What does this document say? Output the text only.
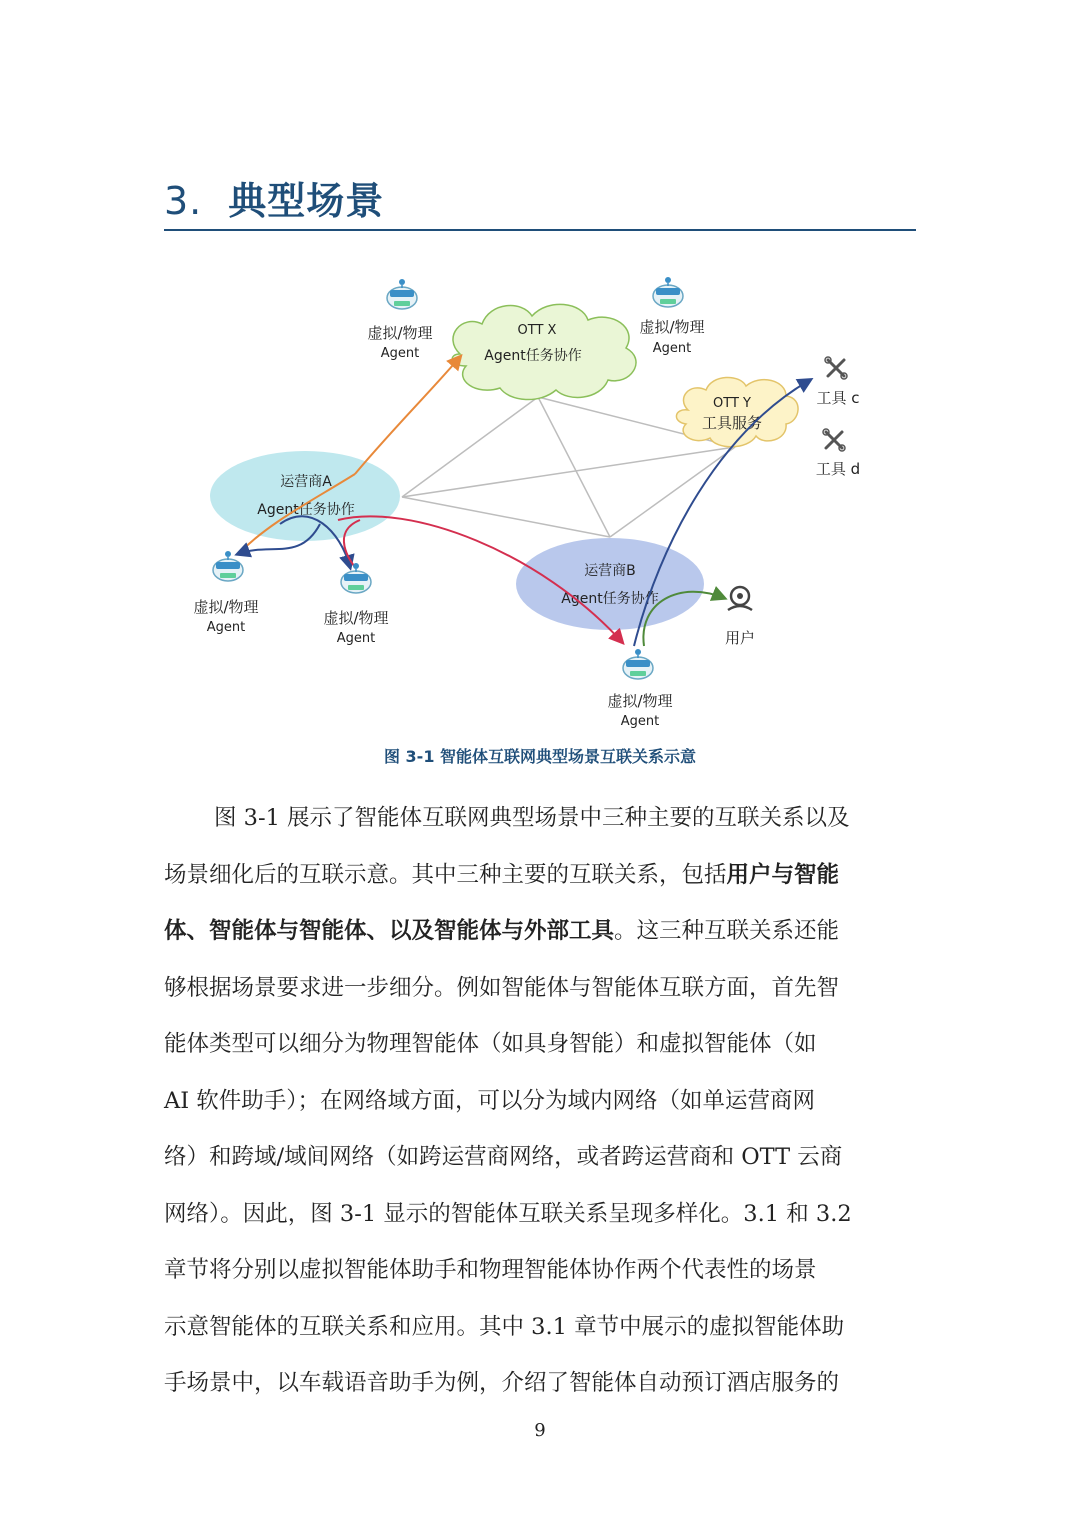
3. 典型场景
OTT X
Agent任务协作
OTT Y
工具服务
运营商A
Agent任务协作
运营商B
Agent任务协作
虚拟/物理
Agent
虚拟/物理
Agent
虚拟/物理
Agent
虚拟/物理
Agent
虚拟/物理
Agent
工具 c
工具 d
用户
图 3-1 智能体互联网典型场景互联关系示意
图 3-1 展示了智能体互联网典型场景中三种主要的互联关系以及
场景细化后的互联示意。其中三种主要的互联关系，包括用户与智能
体、智能体与智能体、以及智能体与外部工具。这三种互联关系还能
够根据场景要求进一步细分。例如智能体与智能体互联方面，首先智
能体类型可以细分为物理智能体（如具身智能）和虚拟智能体（如
AI 软件助手）；在网络域方面，可以分为域内网络（如单运营商网
络）和跨域/域间网络（如跨运营商网络，或者跨运营商和 OTT 云商
网络）。因此，图 3-1 显示的智能体互联关系呈现多样化。3.1 和 3.2
章节将分别以虚拟智能体助手和物理智能体协作两个代表性的场景
示意智能体的互联关系和应用。其中 3.1 章节中展示的虚拟智能体助
手场景中，以车载语音助手为例，介绍了智能体自动预订酒店服务的
9
